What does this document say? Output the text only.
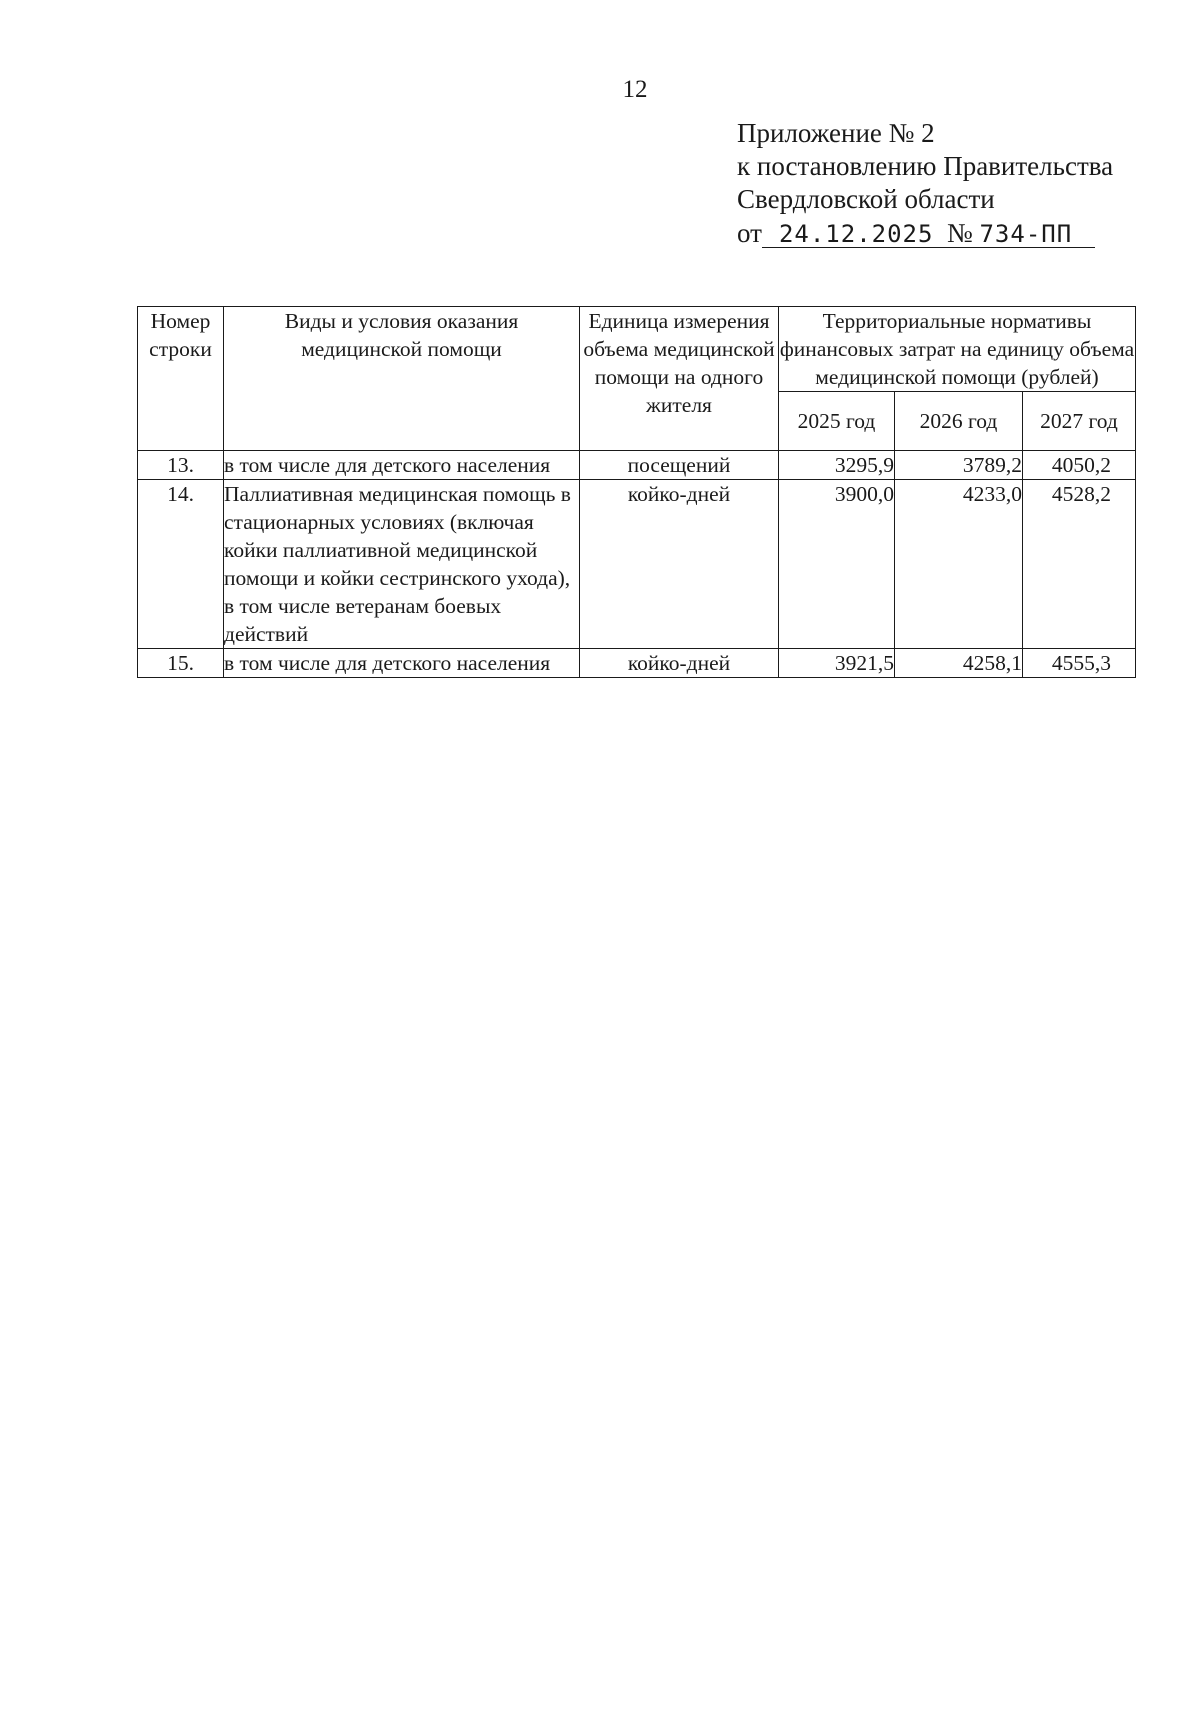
12
Приложение № 2
к постановлению Правительства
Свердловской области
от 24.12.2025 № 734-ПП
Номер строки	Виды и условия оказания медицинской помощи	Единица измерения объема медицинской помощи на одного жителя	Территориальные нормативы финансовых затрат на единицу объема медицинской помощи (рублей)		
			2025 год	2026 год	2027 год
13.	в том числе для детского населения	посещений	3295,9	3789,2	4050,2
14.	Паллиативная медицинская помощь в стационарных условиях (включая койки паллиативной медицинской помощи и койки сестринского ухода), в том числе ветеранам боевых действий	койко-дней	3900,0	4233,0	4528,2
15.	в том числе для детского населения	койко-дней	3921,5	4258,1	4555,3
